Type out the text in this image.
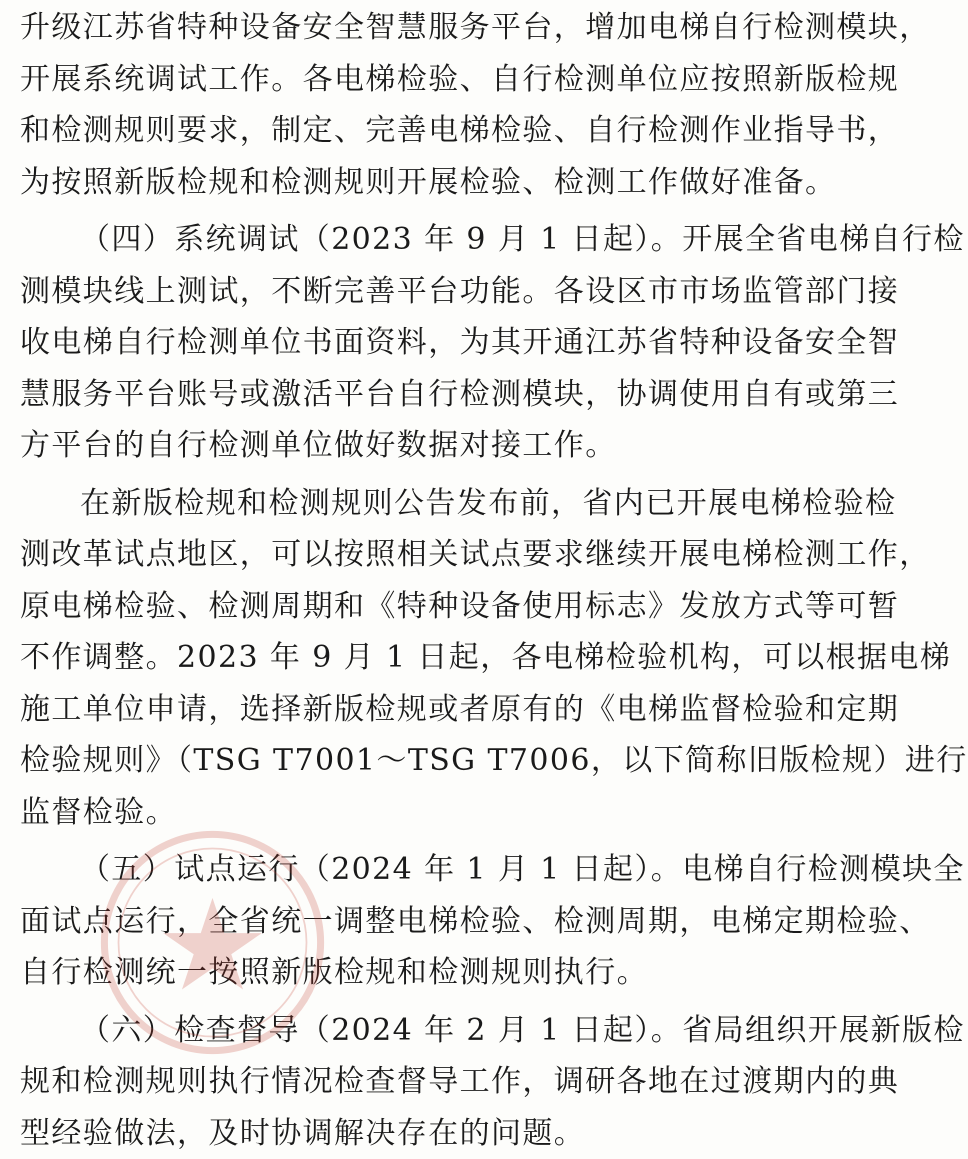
升级江苏省特种设备安全智慧服务平台，增加电梯自行检测模块，
开展系统调试工作。各电梯检验、自行检测单位应按照新版检规
和检测规则要求，制定、完善电梯检验、自行检测作业指导书，
为按照新版检规和检测规则开展检验、检测工作做好准备。
（四）系统调试（2023 年 9 月 1 日起）。开展全省电梯自行检
测模块线上测试，不断完善平台功能。各设区市市场监管部门接
收电梯自行检测单位书面资料，为其开通江苏省特种设备安全智
慧服务平台账号或激活平台自行检测模块，协调使用自有或第三
方平台的自行检测单位做好数据对接工作。
在新版检规和检测规则公告发布前，省内已开展电梯检验检
测改革试点地区，可以按照相关试点要求继续开展电梯检测工作，
原电梯检验、检测周期和《特种设备使用标志》发放方式等可暂
不作调整。2023 年 9 月 1 日起，各电梯检验机构，可以根据电梯
施工单位申请，选择新版检规或者原有的《电梯监督检验和定期
检验规则》（TSG T7001～TSG T7006，以下简称旧版检规）进行
监督检验。
（五）试点运行（2024 年 1 月 1 日起）。电梯自行检测模块全
面试点运行，全省统一调整电梯检验、检测周期，电梯定期检验、
自行检测统一按照新版检规和检测规则执行。
（六）检查督导（2024 年 2 月 1 日起）。省局组织开展新版检
规和检测规则执行情况检查督导工作，调研各地在过渡期内的典
型经验做法，及时协调解决存在的问题。
